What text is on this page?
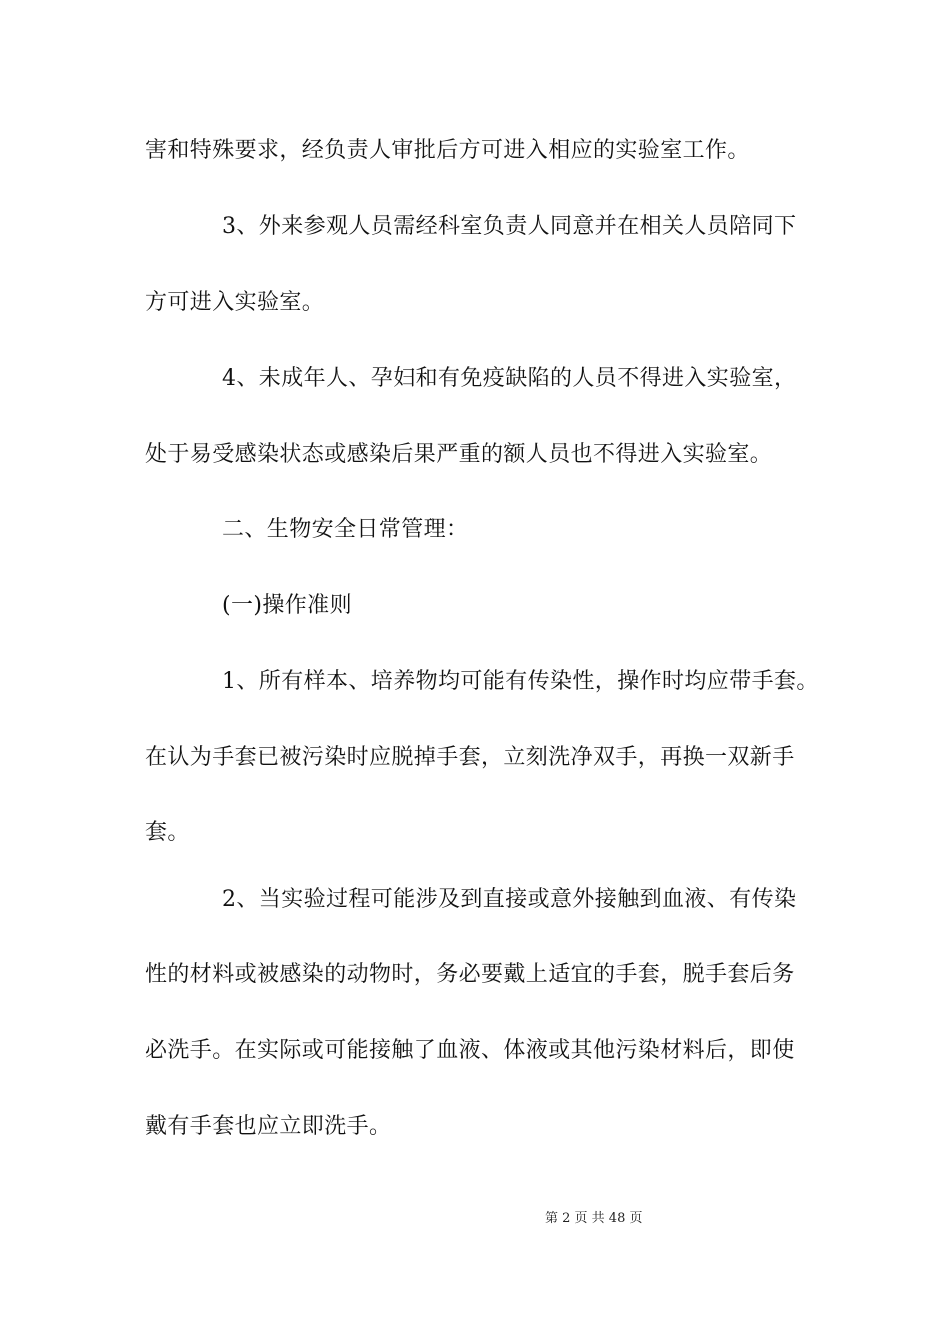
害和特殊要求，经负责人审批后方可进入相应的实验室工作。
3、外来参观人员需经科室负责人同意并在相关人员陪同下
方可进入实验室。
4、未成年人、孕妇和有免疫缺陷的人员不得进入实验室，
处于易受感染状态或感染后果严重的额人员也不得进入实验室。
二、生物安全日常管理：
(一)操作准则
1、所有样本、培养物均可能有传染性，操作时均应带手套。
在认为手套已被污染时应脱掉手套，立刻洗净双手，再换一双新手
套。
2、当实验过程可能涉及到直接或意外接触到血液、有传染
性的材料或被感染的动物时，务必要戴上适宜的手套，脱手套后务
必洗手。在实际或可能接触了血液、体液或其他污染材料后，即使
戴有手套也应立即洗手。
第 2 页 共 48 页
